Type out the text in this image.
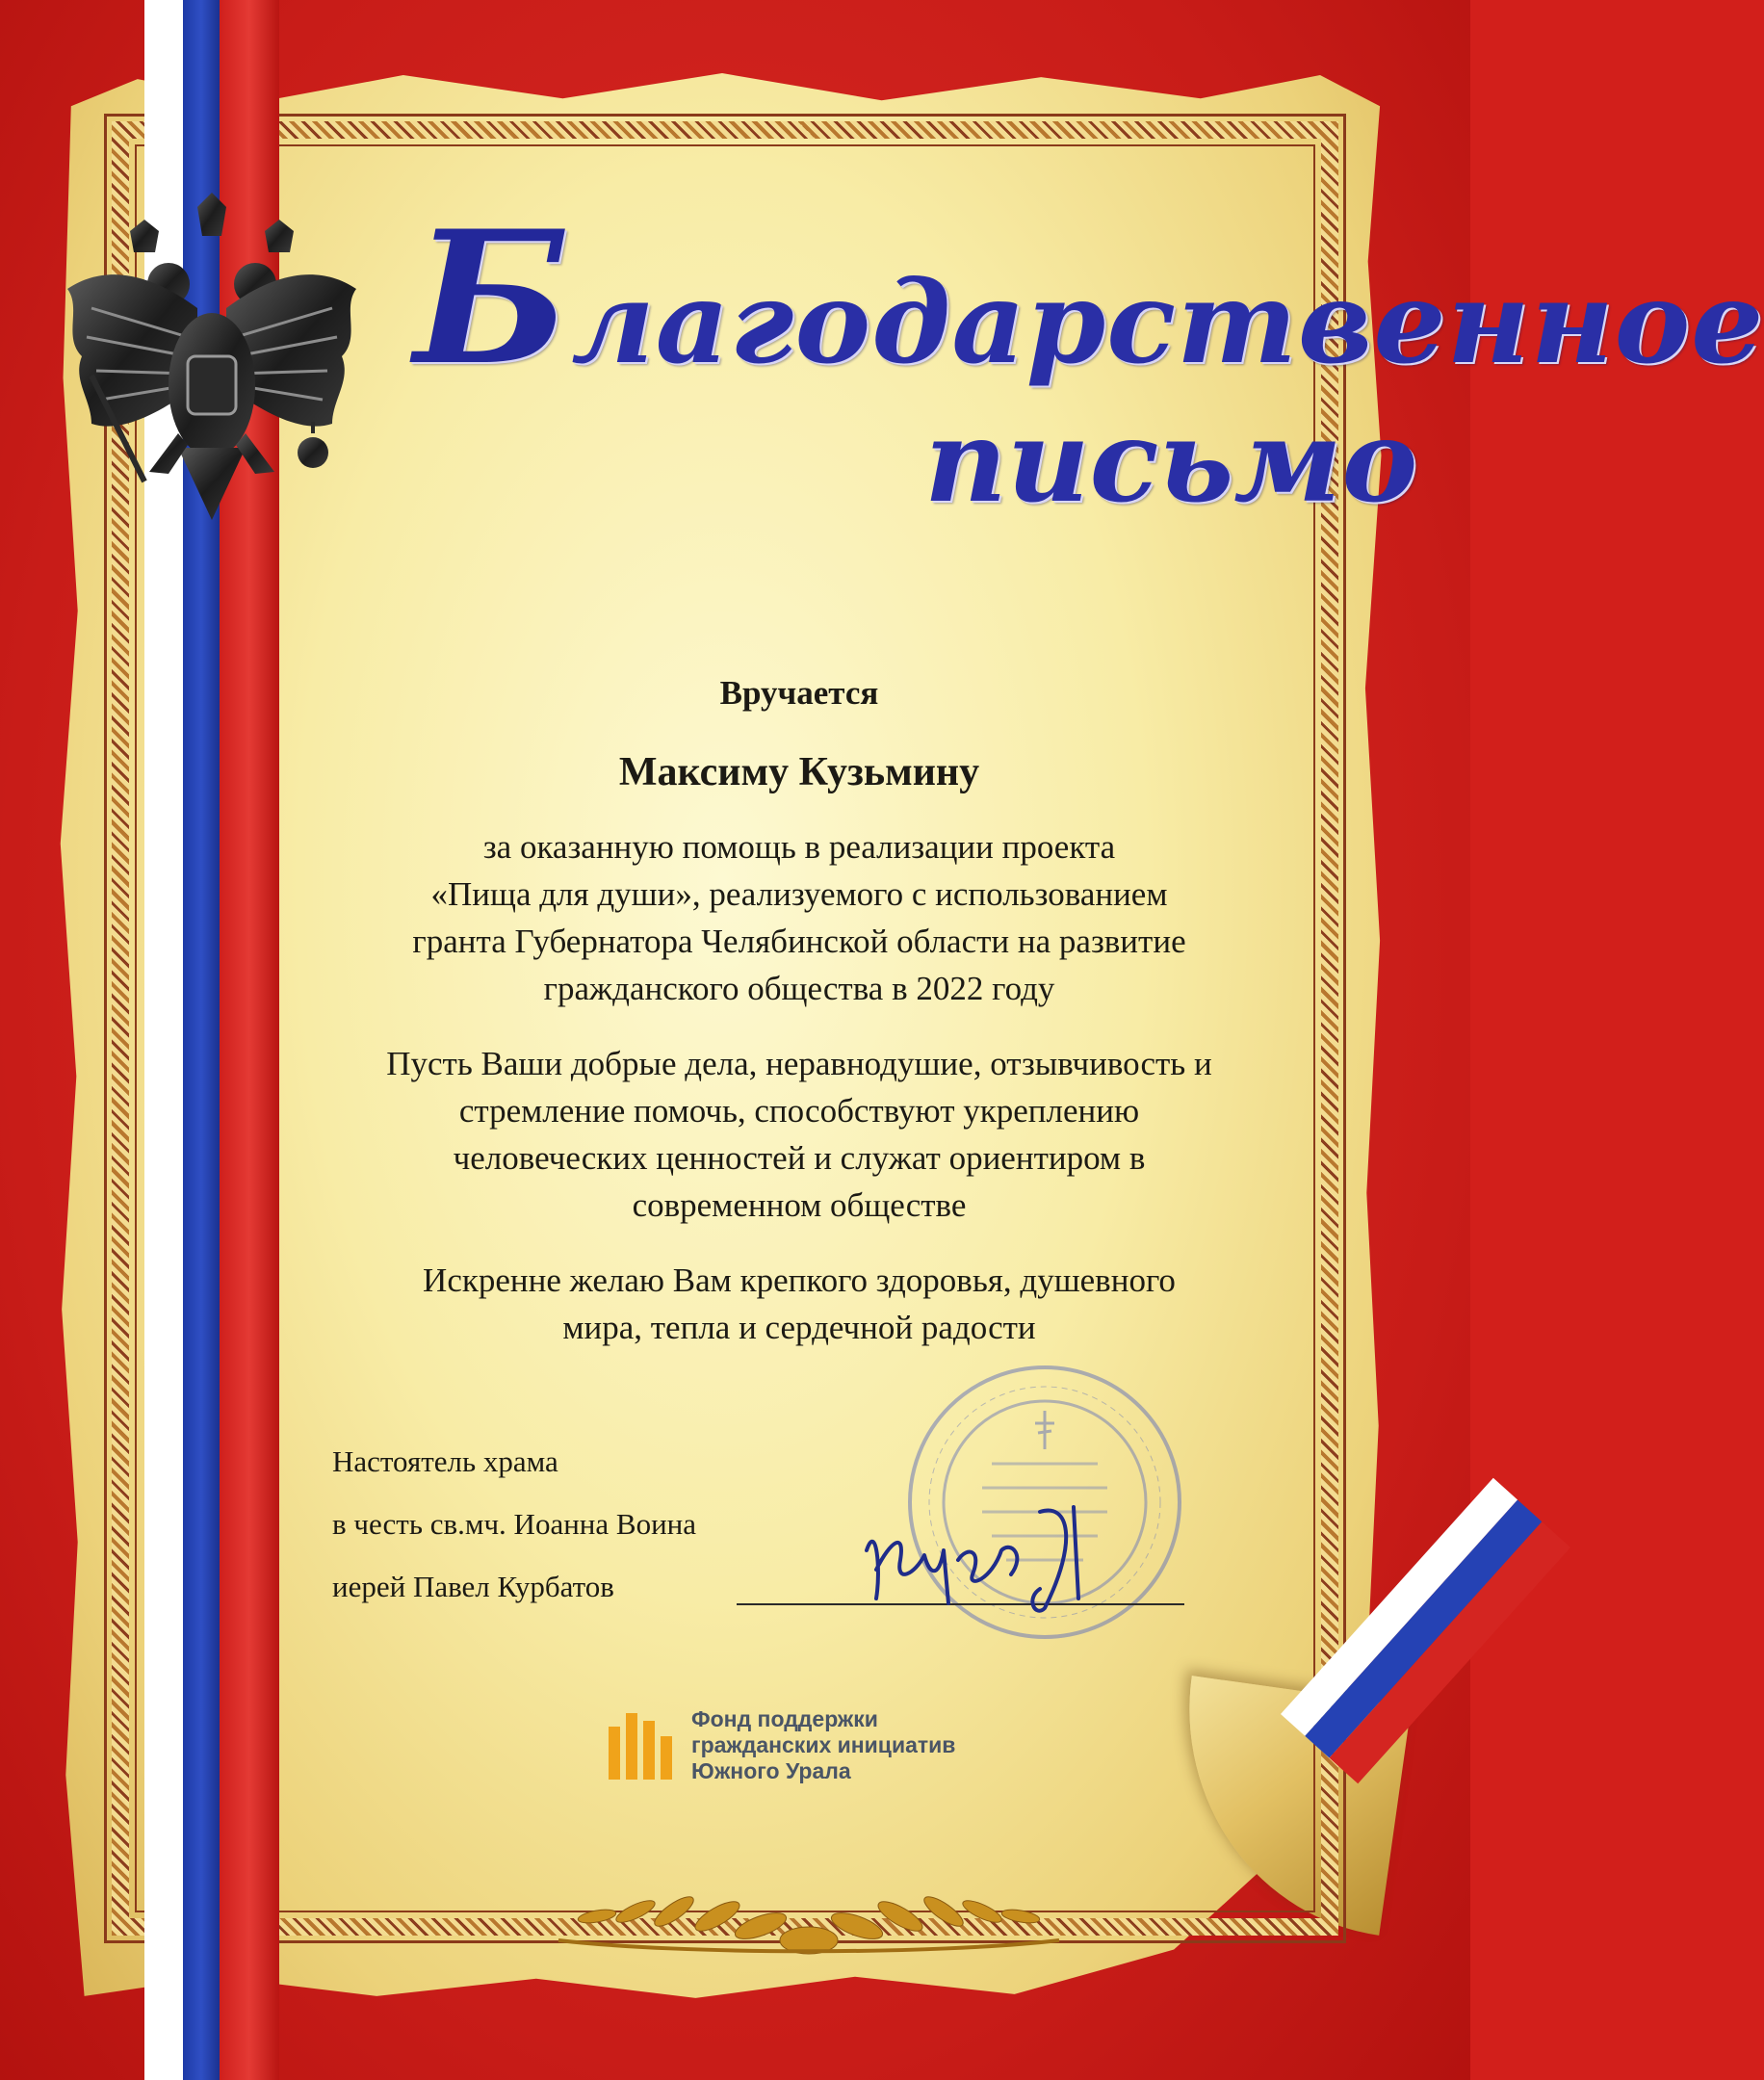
Благодарственное
письмо
Вручается
Максиму Кузьмину
за оказанную помощь в реализации проекта
«Пища для души», реализуемого с использованием
гранта Губернатора Челябинской области на развитие
гражданского общества в 2022 году
Пусть Ваши добрые дела, неравнодушие, отзывчивость и
стремление помочь, способствуют укреплению
человеческих ценностей и служат ориентиром в
современном обществе
Искренне желаю Вам крепкого здоровья, душевного
мира, тепла и сердечной радости
Настоятель храма
в честь св.мч. Иоанна Воина
иерей Павел Курбатов
Фонд поддержки
гражданских инициатив
Южного Урала
